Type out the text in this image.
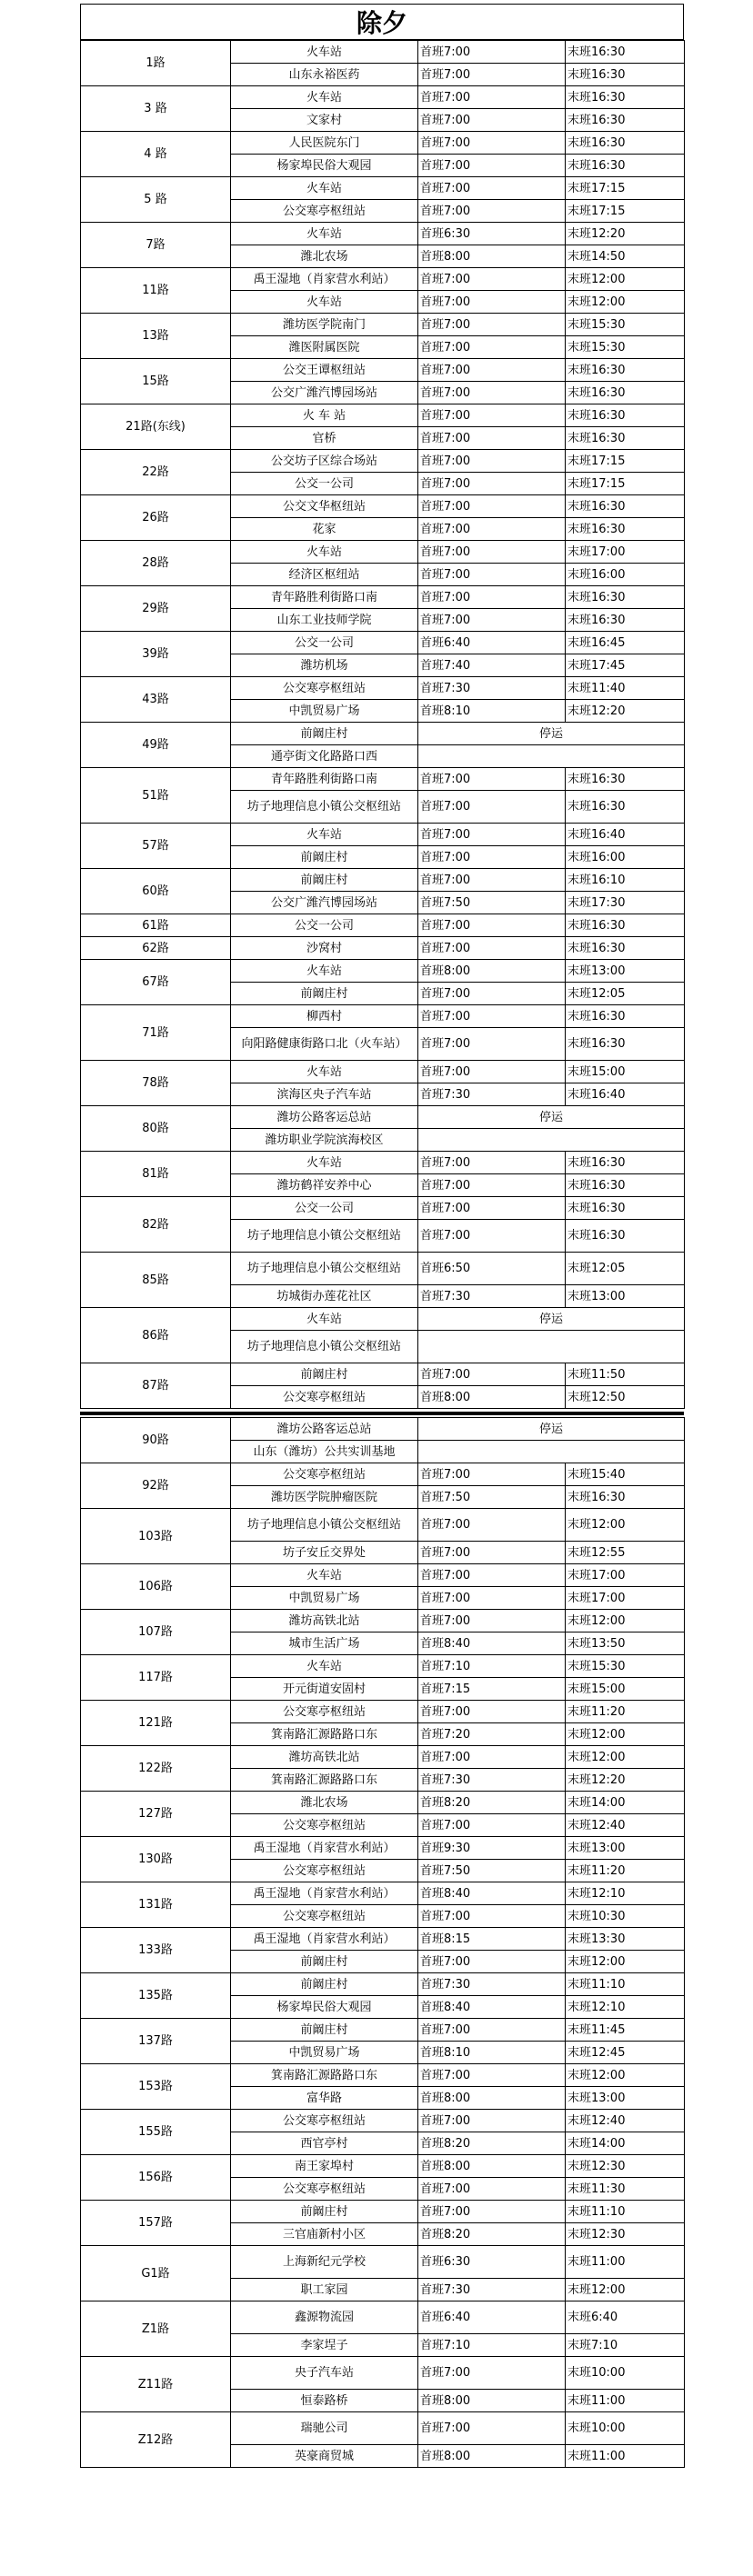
除夕
1路	火车站	首班7:00	末班16:30
	山东永裕医药	首班7:00	末班16:30
3 路	火车站	首班7:00	末班16:30
	文家村	首班7:00	末班16:30
4 路	人民医院东门	首班7:00	末班16:30
	杨家埠民俗大观园	首班7:00	末班16:30
5 路	火车站	首班7:00	末班17:15
	公交寒亭枢纽站	首班7:00	末班17:15
7路	火车站	首班6:30	末班12:20
	潍北农场	首班8:00	末班14:50
11路	禹王湿地（肖家营水利站）	首班7:00	末班12:00
	火车站	首班7:00	末班12:00
13路	潍坊医学院南门	首班7:00	末班15:30
	潍医附属医院	首班7:00	末班15:30
15路	公交王谭枢纽站	首班7:00	末班16:30
	公交广潍汽博园场站	首班7:00	末班16:30
21路(东线)	火 车 站	首班7:00	末班16:30
	官桥	首班7:00	末班16:30
22路	公交坊子区综合场站	首班7:00	末班17:15
	公交一公司	首班7:00	末班17:15
26路	公交文华枢纽站	首班7:00	末班16:30
	花家	首班7:00	末班16:30
28路	火车站	首班7:00	末班17:00
	经济区枢纽站	首班7:00	末班16:00
29路	青年路胜利街路口南	首班7:00	末班16:30
	山东工业技师学院	首班7:00	末班16:30
39路	公交一公司	首班6:40	末班16:45
	潍坊机场	首班7:40	末班17:45
43路	公交寒亭枢纽站	首班7:30	末班11:40
	中凯贸易广场	首班8:10	末班12:20
49路	前阚庄村	停运	
	通亭街文化路路口西		
51路	青年路胜利街路口南	首班7:00	末班16:30
	坊子地理信息小镇公交枢纽站	首班7:00	末班16:30
57路	火车站	首班7:00	末班16:40
	前阚庄村	首班7:00	末班16:00
60路	前阚庄村	首班7:00	末班16:10
	公交广潍汽博园场站	首班7:50	末班17:30
61路	公交一公司	首班7:00	末班16:30
62路	沙窝村	首班7:00	末班16:30
67路	火车站	首班8:00	末班13:00
	前阚庄村	首班7:00	末班12:05
71路	柳西村	首班7:00	末班16:30
	向阳路健康街路口北（火车站）	首班7:00	末班16:30
78路	火车站	首班7:00	末班15:00
	滨海区央子汽车站	首班7:30	末班16:40
80路	潍坊公路客运总站	停运	
	潍坊职业学院滨海校区		
81路	火车站	首班7:00	末班16:30
	潍坊鹤祥安养中心	首班7:00	末班16:30
82路	公交一公司	首班7:00	末班16:30
	坊子地理信息小镇公交枢纽站	首班7:00	末班16:30
85路	坊子地理信息小镇公交枢纽站	首班6:50	末班12:05
	坊城街办莲花社区	首班7:30	末班13:00
86路	火车站	停运	
	坊子地理信息小镇公交枢纽站		
87路	前阚庄村	首班7:00	末班11:50
	公交寒亭枢纽站	首班8:00	末班12:50
90路	潍坊公路客运总站	停运	
	山东（潍坊）公共实训基地		
92路	公交寒亭枢纽站	首班7:00	末班15:40
	潍坊医学院肿瘤医院	首班7:50	末班16:30
103路	坊子地理信息小镇公交枢纽站	首班7:00	末班12:00
	坊子安丘交界处	首班7:00	末班12:55
106路	火车站	首班7:00	末班17:00
	中凯贸易广场	首班7:00	末班17:00
107路	潍坊高铁北站	首班7:00	末班12:00
	城市生活广场	首班8:40	末班13:50
117路	火车站	首班7:10	末班15:30
	开元街道安固村	首班7:15	末班15:00
121路	公交寒亭枢纽站	首班7:00	末班11:20
	箕南路汇源路路口东	首班7:20	末班12:00
122路	潍坊高铁北站	首班7:00	末班12:00
	箕南路汇源路路口东	首班7:30	末班12:20
127路	潍北农场	首班8:20	末班14:00
	公交寒亭枢纽站	首班7:00	末班12:40
130路	禹王湿地（肖家营水利站）	首班9:30	末班13:00
	公交寒亭枢纽站	首班7:50	末班11:20
131路	禹王湿地（肖家营水利站）	首班8:40	末班12:10
	公交寒亭枢纽站	首班7:00	末班10:30
133路	禹王湿地（肖家营水利站）	首班8:15	末班13:30
	前阚庄村	首班7:00	末班12:00
135路	前阚庄村	首班7:30	末班11:10
	杨家埠民俗大观园	首班8:40	末班12:10
137路	前阚庄村	首班7:00	末班11:45
	中凯贸易广场	首班8:10	末班12:45
153路	箕南路汇源路路口东	首班7:00	末班12:00
	富华路	首班8:00	末班13:00
155路	公交寒亭枢纽站	首班7:00	末班12:40
	西官亭村	首班8:20	末班14:00
156路	南王家埠村	首班8:00	末班12:30
	公交寒亭枢纽站	首班7:00	末班11:30
157路	前阚庄村	首班7:00	末班11:10
	三官庙新村小区	首班8:20	末班12:30
G1路	上海新纪元学校	首班6:30	末班11:00
	职工家园	首班7:30	末班12:00
Z1路	鑫源物流园	首班6:40	末班6:40
	李家埕子	首班7:10	末班7:10
Z11路	央子汽车站	首班7:00	末班10:00
	恒泰路桥	首班8:00	末班11:00
Z12路	瑞驰公司	首班7:00	末班10:00
	英豪商贸城	首班8:00	末班11:00
